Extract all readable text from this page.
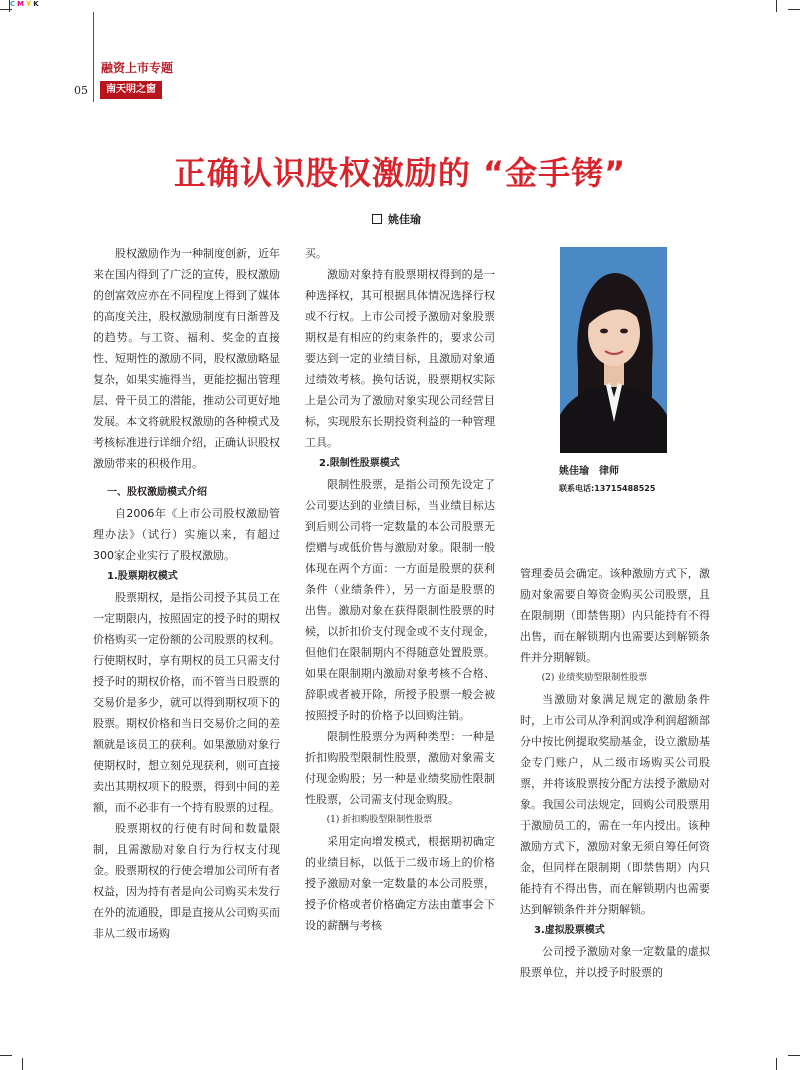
CMYK
融资上市专题
05	南天明之窗
正确认识股权激励的 “金手铐”
姚佳瑜

股权激励作为一种制度创新，近年来在国内得到了广泛的宣传，股权激励的创富效应亦在不同程度上得到了媒体的高度关注，股权激励制度有日渐普及的趋势。与工资、福利、奖金的直接性、短期性的激励不同，股权激励略显复杂，如果实施得当，更能挖掘出管理层、骨干员工的潜能，推动公司更好地发展。本文将就股权激励的各种模式及考核标准进行详细介绍，正确认识股权激励带来的积极作用。

一、股权激励模式介绍

自2006年《上市公司股权激励管理办法》（试行）实施以来，有超过300家企业实行了股权激励。

1.股票期权模式

股票期权，是指公司授予其员工在一定期限内，按照固定的授予时的期权价格购买一定份额的公司股票的权利。行使期权时，享有期权的员工只需支付授予时的期权价格，而不管当日股票的交易价是多少，就可以得到期权项下的股票。期权价格和当日交易价之间的差额就是该员工的获利。如果激励对象行使期权时，想立刻兑现获利，则可直接卖出其期权项下的股票，得到中间的差额，而不必非有一个持有股票的过程。

股票期权的行使有时间和数量限制，且需激励对象自行为行权支付现金。股票期权的行使会增加公司所有者权益，因为持有者是向公司购买未发行在外的流通股，即是直接从公司购买而非从二级市场购

买。

激励对象持有股票期权得到的是一种选择权，其可根据具体情况选择行权或不行权。上市公司授予激励对象股票期权是有相应的约束条件的，要求公司要达到一定的业绩目标，且激励对象通过绩效考核。换句话说，股票期权实际上是公司为了激励对象实现公司经营目标，实现股东长期投资利益的一种管理工具。

2.限制性股票模式

限制性股票，是指公司预先设定了公司要达到的业绩目标，当业绩目标达到后则公司将一定数量的本公司股票无偿赠与或低价售与激励对象。限制一般体现在两个方面：一方面是股票的获利条件（业绩条件），另一方面是股票的出售。激励对象在获得限制性股票的时候，以折扣价支付现金或不支付现金，但他们在限制期内不得随意处置股票。如果在限制期内激励对象考核不合格、辞职或者被开除，所授予股票一般会被按照授予时的价格予以回购注销。

限制性股票分为两种类型：一种是折扣购股型限制性股票，激励对象需支付现金购股；另一种是业绩奖励性限制性股票，公司需支付现金购股。

(1) 折扣购股型限制性股票

采用定向增发模式，根据期初确定的业绩目标，以低于二级市场上的价格授予激励对象一定数量的本公司股票，授予价格或者价格确定方法由董事会下设的薪酬与考核

管理委员会确定。该种激励方式下，激励对象需要自筹资金购买公司股票，且在限制期（即禁售期）内只能持有不得出售，而在解锁期内也需要达到解锁条件并分期解锁。

(2) 业绩奖励型限制性股票

当激励对象满足规定的激励条件时，上市公司从净利润或净利润超额部分中按比例提取奖励基金，设立激励基金专门账户，从二级市场购买公司股票，并将该股票按分配方法授予激励对象。我国公司法规定，回购公司股票用于激励员工的，需在一年内授出。该种激励方式下，激励对象无须自筹任何资金，但同样在限制期（即禁售期）内只能持有不得出售，而在解锁期内也需要达到解锁条件并分期解锁。

3.虚拟股票模式

公司授予激励对象一定数量的虚拟股票单位，并以授予时股票的

姚佳瑜　律师
联系电话:13715488525
